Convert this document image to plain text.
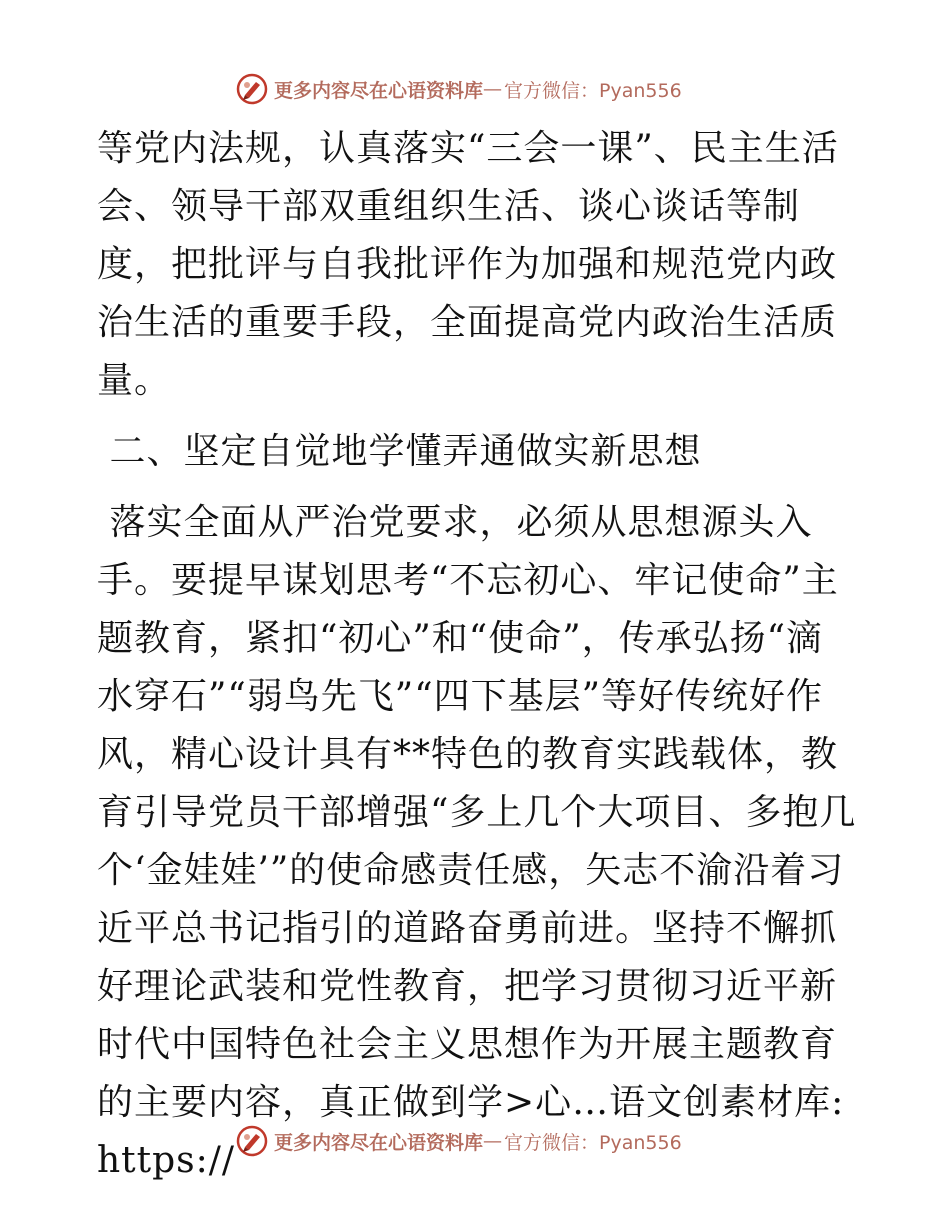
更多内容尽在心语资料库 — 官方微信：Pyan556

等党内法规，认真落实“三会一课”、民主生活会、领导干部双重组织生活、谈心谈话等制度，把批评与自我批评作为加强和规范党内政治生活的重要手段，全面提高党内政治生活质量。

二、坚定自觉地学懂弄通做实新思想

落实全面从严治党要求，必须从思想源头入手。要提早谋划思考“不忘初心、牢记使命”主题教育，紧扣“初心”和“使命”，传承弘扬“滴水穿石”“弱鸟先飞”“四下基层”等好传统好作风，精心设计具有**特色的教育实践载体，教育引导党员干部增强“多上几个大项目、多抱几个‘金娃娃’”的使命感责任感，矢志不渝沿着习近平总书记指引的道路奋勇前进。坚持不懈抓好理论武装和党性教育，把学习贯彻习近平新时代中国特色社会主义思想作为开展主题教育的主要内容，真正做到学>心…语文创素材库: https://	更多内容尽在心语资料库 — 官方微信：Pyan556
